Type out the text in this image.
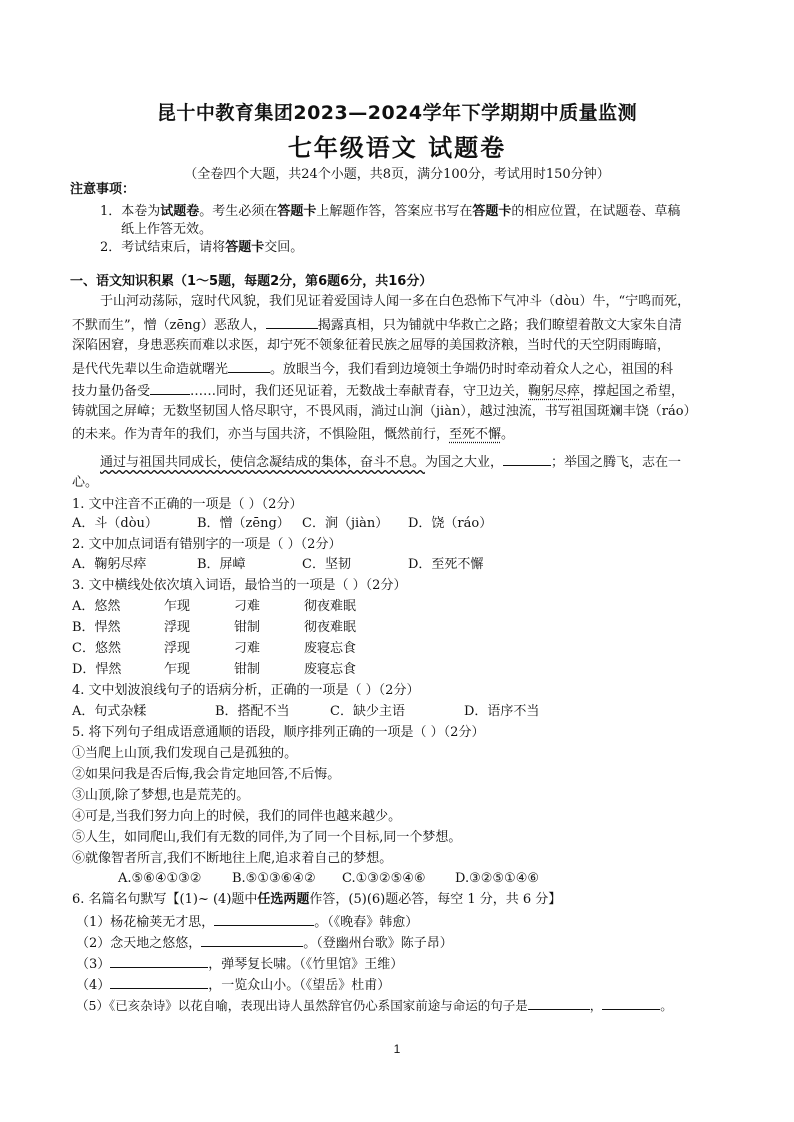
昆十中教育集团2023—2024学年下学期期中质量监测
七年级语文 试题卷
（全卷四个大题，共24个小题，共8页，满分100分，考试用时150分钟）
注意事项：
1．本卷为试题卷。考生必须在答题卡上解题作答，答案应书写在答题卡的相应位置，在试题卷、草稿
纸上作答无效。
2．考试结束后，请将答题卡交回。
一、语文知识积累（1～5题，每题2分，第6题6分，共16分）
于山河动荡际，寇时代风貌，我们见证着爱国诗人闻一多在白色恐怖下气冲斗（dòu）牛，“宁鸣而死，
不默而生”，憎（zēng）恶敌人，	揭露真相，只为铺就中华救亡之路；我们瞭望着散文大家朱自清
深陷困窘，身患恶疾而难以求医，却宁死不领象征着民族之屈辱的美国救济粮，当时代的天空阴雨晦暗，
是代代先辈以生命造就曙光	。放眼当今，我们看到边境领土争端仍时时牵动着众人之心，祖国的科
技力量仍备受	……同时，我们还见证着，无数战士奉献青春，守卫边关，鞠躬尽瘁，撑起国之希望，
铸就国之屏嶂；无数坚韧国人恪尽职守，不畏风雨，淌过山涧（jiàn），越过浊流，书写祖国斑斓丰饶（ráo）
的未来。作为青年的我们，亦当与国共济，不惧险阻，慨然前行，至死不懈。
通过与祖国共同成长，使信念凝结成的集体，奋斗不息。为国之大业，	；举国之腾飞，志在一
心。
1. 文中注音不正确的一项是（ ）（2分）
A．斗（dòu）	B．憎（zēng） C．涧（jiàn） D．饶（ráo）
2. 文中加点词语有错别字的一项是（ ）（2分）
A．鞠躬尽瘁	B．屏嶂	C．坚韧	D．至死不懈
3. 文中横线处依次填入词语，最恰当的一项是（ ）（2分）
A．悠然	乍现	刁难	彻夜难眠
B．悍然	浮现	钳制	彻夜难眠
C．悠然	浮现	刁难	废寝忘食
D．悍然	乍现	钳制	废寝忘食
4. 文中划波浪线句子的语病分析，正确的一项是（ ）（2分）
A．句式杂糅	B．搭配不当	C．缺少主语	D．语序不当
5. 将下列句子组成语意通顺的语段，顺序排列正确的一项是（ ）（2分）
①当爬上山顶,我们发现自己是孤独的。
②如果问我是否后悔,我会肯定地回答,不后悔。
③山顶,除了梦想,也是荒芜的。
④可是,当我们努力向上的时候，我们的同伴也越来越少。
⑤人生，如同爬山,我们有无数的同伴,为了同一个目标,同一个梦想。
⑥就像智者所言,我们不断地往上爬,追求着自己的梦想。
A.⑤⑥④①③② B.⑤①③⑥④② C.①③②⑤④⑥ D.③②⑤①④⑥
6. 名篇名句默写【(1)~ (4)题中任选两题作答，(5)(6)题必答，每空 1 分，共 6 分】
（1）杨花榆荚无才思，	。（《晚春》韩愈）
（2）念天地之悠悠，	。（登幽州台歌》陈子昂）
（3）	，弹琴复长啸。（《竹里馆》王维）
（4）	，一览众山小。（《望岳》杜甫）
（5）《已亥杂诗》以花自喻，表现出诗人虽然辞官仍心系国家前途与命运的句子是	，	。
1
